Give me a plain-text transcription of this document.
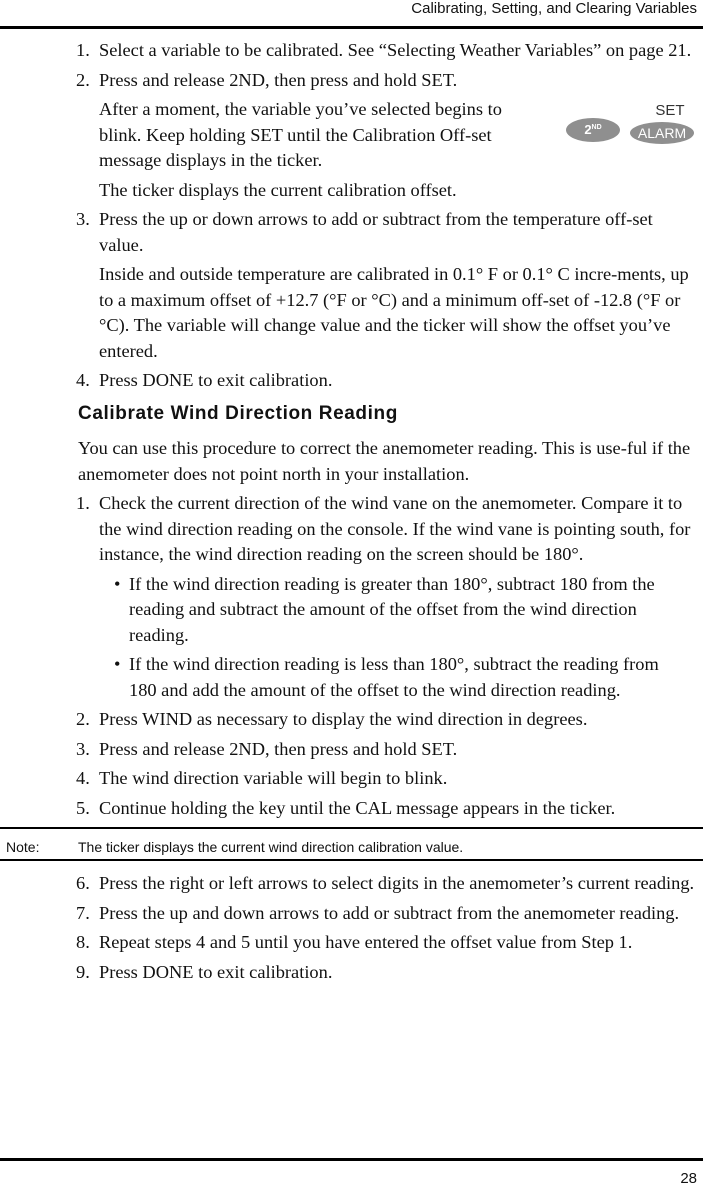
Calibrating, Setting, and Clearing Variables
2ND
SET
ALARM
1. Select a variable to be calibrated. See “Selecting Weather Variables” on page 21.
2. Press and release 2ND, then press and hold SET.
After a moment, the variable you’ve selected begins to blink. Keep holding SET until the Calibration Off-set message displays in the ticker.
The ticker displays the current calibration offset.
3. Press the up or down arrows to add or subtract from the temperature off-set value.
Inside and outside temperature are calibrated in 0.1° F or 0.1° C incre-ments, up to a maximum offset of +12.7 (°F or °C) and a minimum off-set of -12.8 (°F or °C). The variable will change value and the ticker will show the offset you’ve entered.
4. Press DONE to exit calibration.
Calibrate Wind Direction Reading
You can use this procedure to correct the anemometer reading. This is use-ful if the anemometer does not point north in your installation.
1. Check the current direction of the wind vane on the anemometer. Compare it to the wind direction reading on the console. If the wind vane is pointing south, for instance, the wind direction reading on the screen should be 180°.
• If the wind direction reading is greater than 180°, subtract 180 from the reading and subtract the amount of the offset from the wind direction reading.
• If the wind direction reading is less than 180°, subtract the reading from 180 and add the amount of the offset to the wind direction reading.
2. Press WIND as necessary to display the wind direction in degrees.
3. Press and release 2ND, then press and hold SET.
4. The wind direction variable will begin to blink.
5. Continue holding the key until the CAL message appears in the ticker.
Note:	The ticker displays the current wind direction calibration value.
6. Press the right or left arrows to select digits in the anemometer’s current reading.
7. Press the up and down arrows to add or subtract from the anemometer reading.
8. Repeat steps 4 and 5 until you have entered the offset value from Step 1.
9. Press DONE to exit calibration.
28
